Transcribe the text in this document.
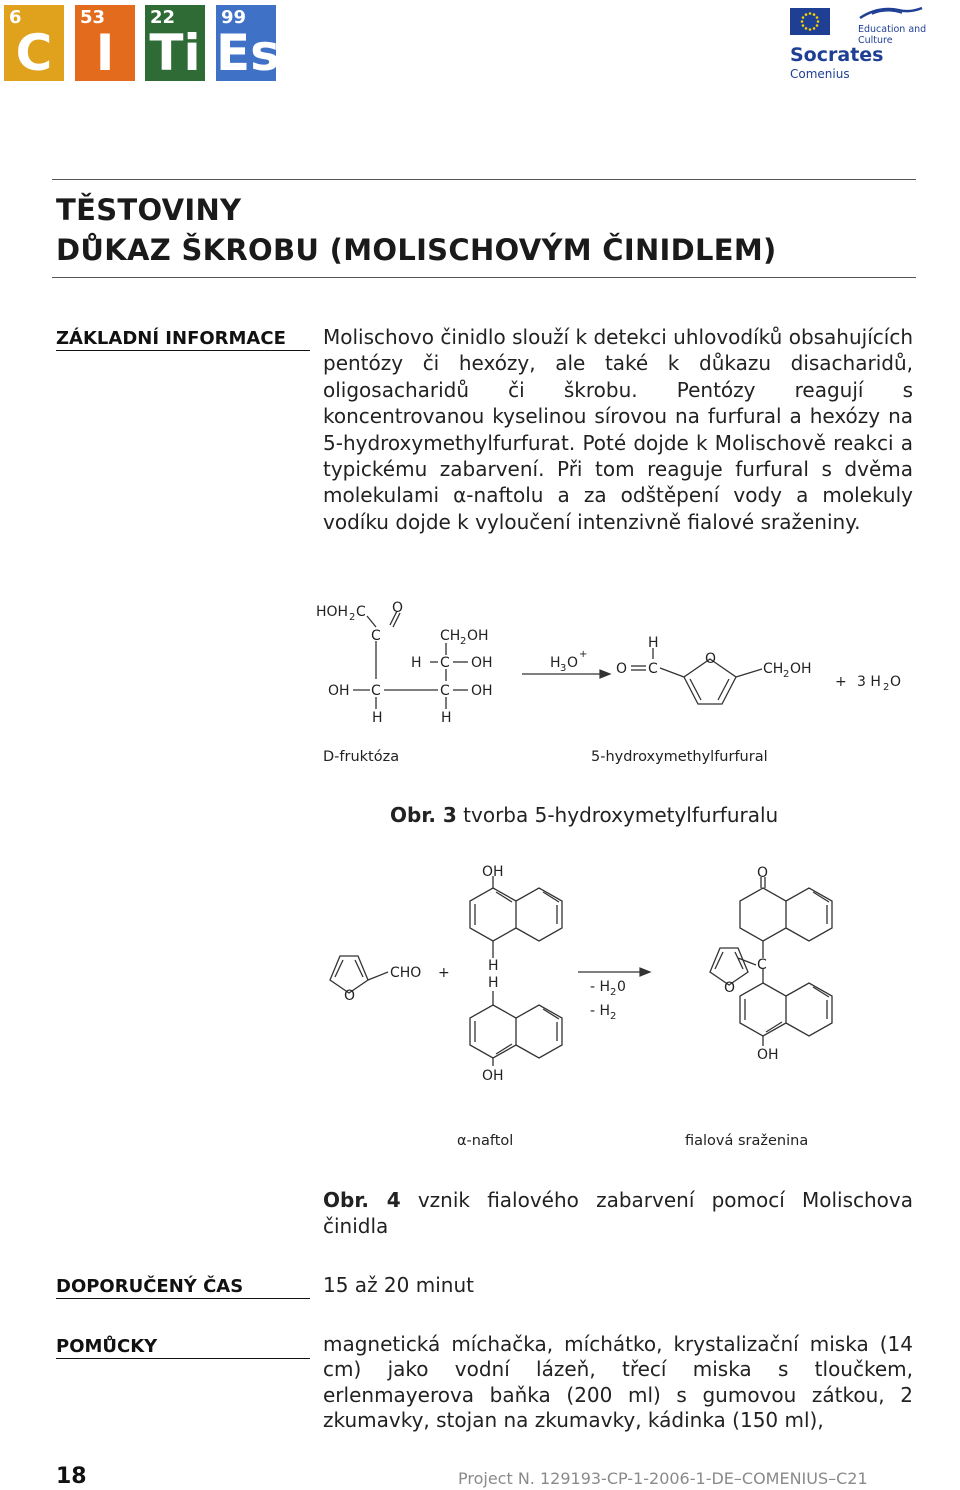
6
C
53
I
22
Ti
99
Es	Education and Culture
Socrates
Comenius
TĚSTOVINY
DŮKAZ ŠKROBU (MOLISCHOVÝM ČINIDLEM)
ZÁKLADNÍ INFORMACE	Molischovo činidlo slouží k detekci uhlovodíků obsahujících pentózy či hexózy, ale také k důkazu disacharidů, oligosacharidů či škrobu. Pentózy reagují s koncentrovanou kyselinou sírovou na furfural a hexózy na 5-hydroxymethylfurfurat. Poté dojde k Molischově reakci a typickému zabarvení. Při tom reaguje furfural s dvěma molekulami α-naftolu a za odštěpení vody a molekuly vodíku dojde k vyloučení intenzivně fialové sraženiny.
HOH 2 C O
C	CH 2 OH
H C OH
OH C	C OH
H	H
H 3 O
+
O C
H
O
CH 2 OH
+ 3 H 2 O
D-fruktóza	5-hydroxymethylfurfural
Obr. 3 tvorba 5-hydroxymetylfurfuralu
O
CHO +
OH
H
H
OH
- H 2 0
- H 2
O
C
O
OH
α-naftol	fialová sraženina
Obr. 4 vznik fialového zabarvení pomocí Molischova činidla
DOPORUČENÝ ČAS	15 až 20 minut
POMŮCKY	magnetická míchačka, míchátko, krystalizační miska (14 cm) jako vodní lázeň, třecí miska s tloučkem, erlenmayerova baňka (200 ml) s gumovou zátkou, 2 zkumavky, stojan na zkumavky, kádinka (150 ml),
18	Project N. 129193-CP-1-2006-1-DE–COMENIUS–C21
